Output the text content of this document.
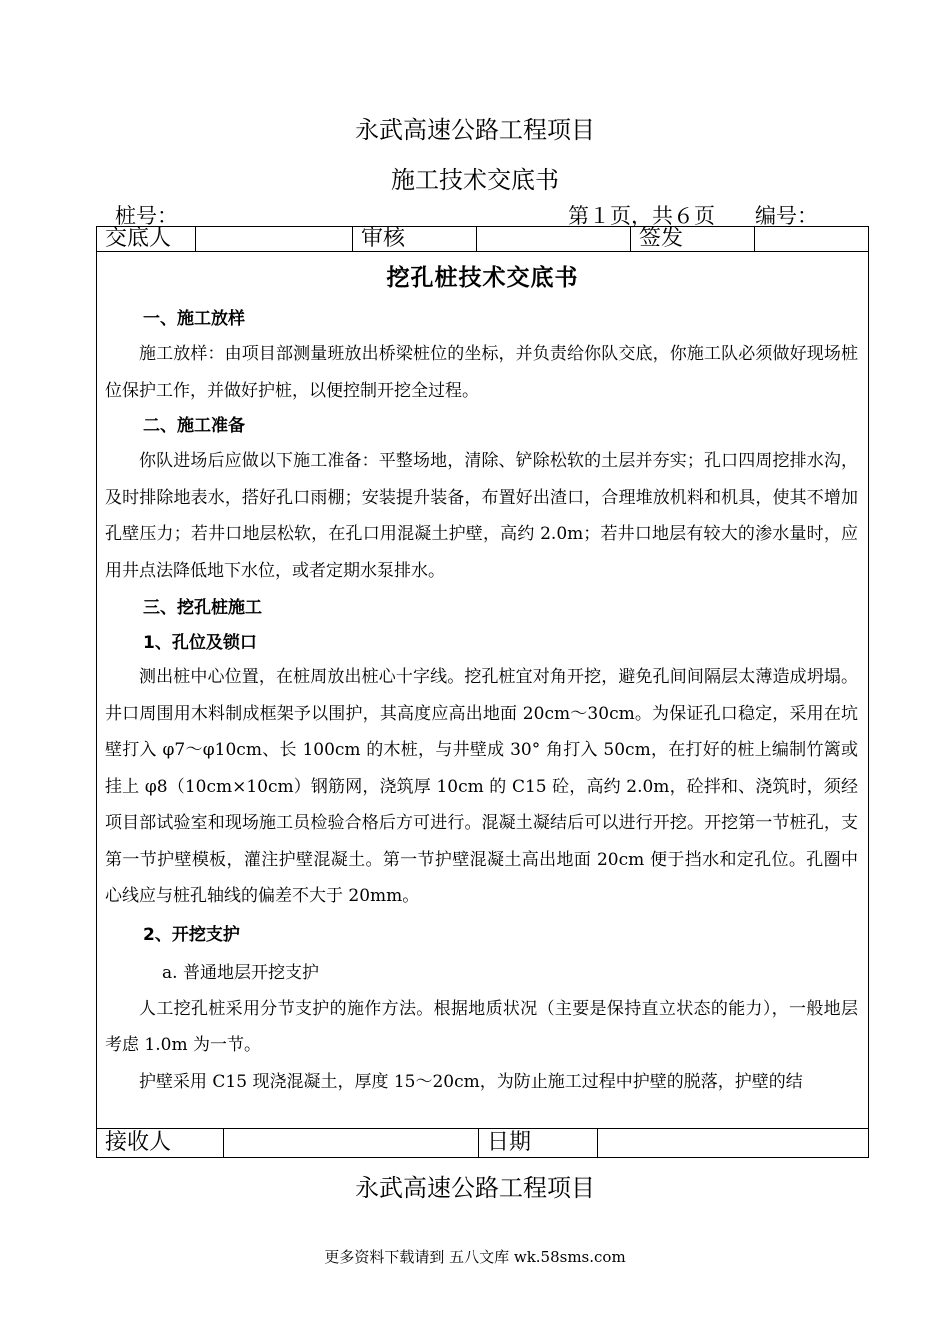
永武高速公路工程项目
施工技术交底书
桩号：	第１页，共６页 编号：
交底人		审核		签发	
挖孔桩技术交底书
一、施工放样
施工放样：由项目部测量班放出桥梁桩位的坐标，并负责给你队交底，你施工队必须做好现场桩位保护工作，并做好护桩，以便控制开挖全过程。
二、施工准备
你队进场后应做以下施工准备：平整场地，清除、铲除松软的土层并夯实；孔口四周挖排水沟，及时排除地表水，搭好孔口雨棚；安装提升装备，布置好出渣口，合理堆放机料和机具，使其不增加孔壁压力；若井口地层松软，在孔口用混凝土护壁，高约 2.0m；若井口地层有较大的渗水量时，应用井点法降低地下水位，或者定期水泵排水。
三、挖孔桩施工
1、孔位及锁口
测出桩中心位置，在桩周放出桩心十字线。挖孔桩宜对角开挖，避免孔间间隔层太薄造成坍塌。井口周围用木料制成框架予以围护，其高度应高出地面 20cm～30cm。为保证孔口稳定，采用在坑壁打入 φ7～φ10cm、长 100cm 的木桩，与井壁成 30° 角打入 50cm，在打好的桩上编制竹篱或挂上 φ8（10cm×10cm）钢筋网，浇筑厚 10cm 的 C15 砼，高约 2.0m，砼拌和、浇筑时，须经项目部试验室和现场施工员检验合格后方可进行。混凝土凝结后可以进行开挖。开挖第一节桩孔，支第一节护壁模板，灌注护壁混凝土。第一节护壁混凝土高出地面 20cm 便于挡水和定孔位。孔圈中心线应与桩孔轴线的偏差不大于 20mm。
2、开挖支护
a. 普通地层开挖支护
人工挖孔桩采用分节支护的施作方法。根据地质状况（主要是保持直立状态的能力），一般地层考虑 1.0m 为一节。
护壁采用 C15 现浇混凝土，厚度 15～20cm，为防止施工过程中护壁的脱落，护壁的结
接收人		日期	
永武高速公路工程项目
更多资料下载请到 五八文库 wk.58sms.com
